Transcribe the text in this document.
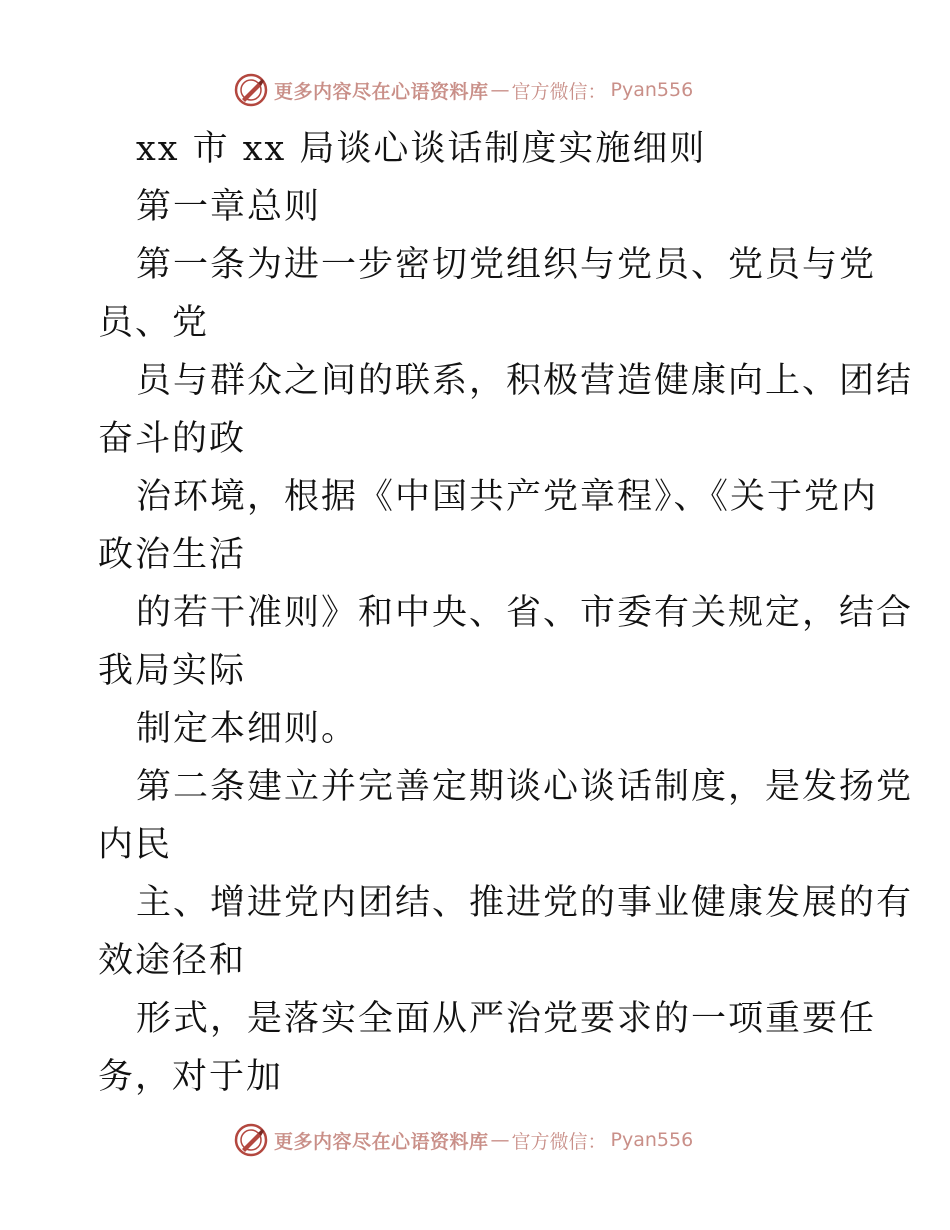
更多内容尽在心语资料库 — 官方微信： Pyan556
xx 市 xx 局谈心谈话制度实施细则
第一章总则
第一条为进一步密切党组织与党员、党员与党
员、党
员与群众之间的联系，积极营造健康向上、团结
奋斗的政
治环境，根据《中国共产党章程》、《关于党内
政治生活
的若干准则》和中央、省、市委有关规定，结合
我局实际
制定本细则。
第二条建立并完善定期谈心谈话制度，是发扬党
内民
主、增进党内团结、推进党的事业健康发展的有
效途径和
形式，是落实全面从严治党要求的一项重要任
务，对于加
更多内容尽在心语资料库 — 官方微信： Pyan556
